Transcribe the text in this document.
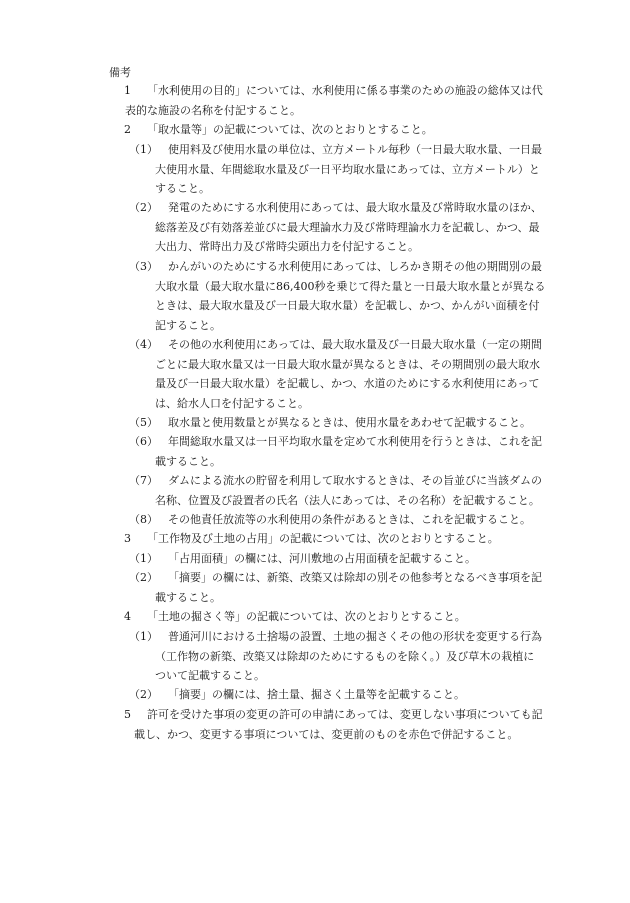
備考
1 「水利使用の目的」については、水利使用に係る事業のための施設の総体又は代
表的な施設の名称を付記すること。
2 「取水量等」の記載については、次のとおりとすること。
（1） 使用料及び使用水量の単位は、立方メートル毎秒（一日最大取水量、一日最
大使用水量、年間総取水量及び一日平均取水量にあっては、立方メートル）と
すること。
（2） 発電のためにする水利使用にあっては、最大取水量及び常時取水量のほか、
総落差及び有効落差並びに最大理論水力及び常時理論水力を記載し、かつ、最
大出力、常時出力及び常時尖頭出力を付記すること。
（3） かんがいのためにする水利使用にあっては、しろかき期その他の期間別の最
大取水量（最大取水量に86,400秒を乗じて得た量と一日最大取水量とが異なる
ときは、最大取水量及び一日最大取水量）を記載し、かつ、かんがい面積を付
記すること。
（4） その他の水利使用にあっては、最大取水量及び一日最大取水量（一定の期間
ごとに最大取水量又は一日最大取水量が異なるときは、その期間別の最大取水
量及び一日最大取水量）を記載し、かつ、水道のためにする水利使用にあって
は、給水人口を付記すること。
（5） 取水量と使用数量とが異なるときは、使用水量をあわせて記載すること。
（6） 年間総取水量又は一日平均取水量を定めて水利使用を行うときは、これを記
載すること。
（7） ダムによる流水の貯留を利用して取水するときは、その旨並びに当該ダムの
名称、位置及び設置者の氏名（法人にあっては、その名称）を記載すること。
（8） その他責任放流等の水利使用の条件があるときは、これを記載すること。
3 「工作物及び土地の占用」の記載については、次のとおりとすること。
（1） 「占用面積」の欄には、河川敷地の占用面積を記載すること。
（2） 「摘要」の欄には、新築、改築又は除却の別その他参考となるべき事項を記
載すること。
4 「土地の掘さく等」の記載については、次のとおりとすること。
（1） 普通河川における土捨場の設置、土地の掘さくその他の形状を変更する行為
（工作物の新築、改築又は除却のためにするものを除く。）及び草木の栽植に
ついて記載すること。
（2） 「摘要」の欄には、捨土量、掘さく土量等を記載すること。
5 許可を受けた事項の変更の許可の申請にあっては、変更しない事項についても記
載し、かつ、変更する事項については、変更前のものを赤色で併記すること。
